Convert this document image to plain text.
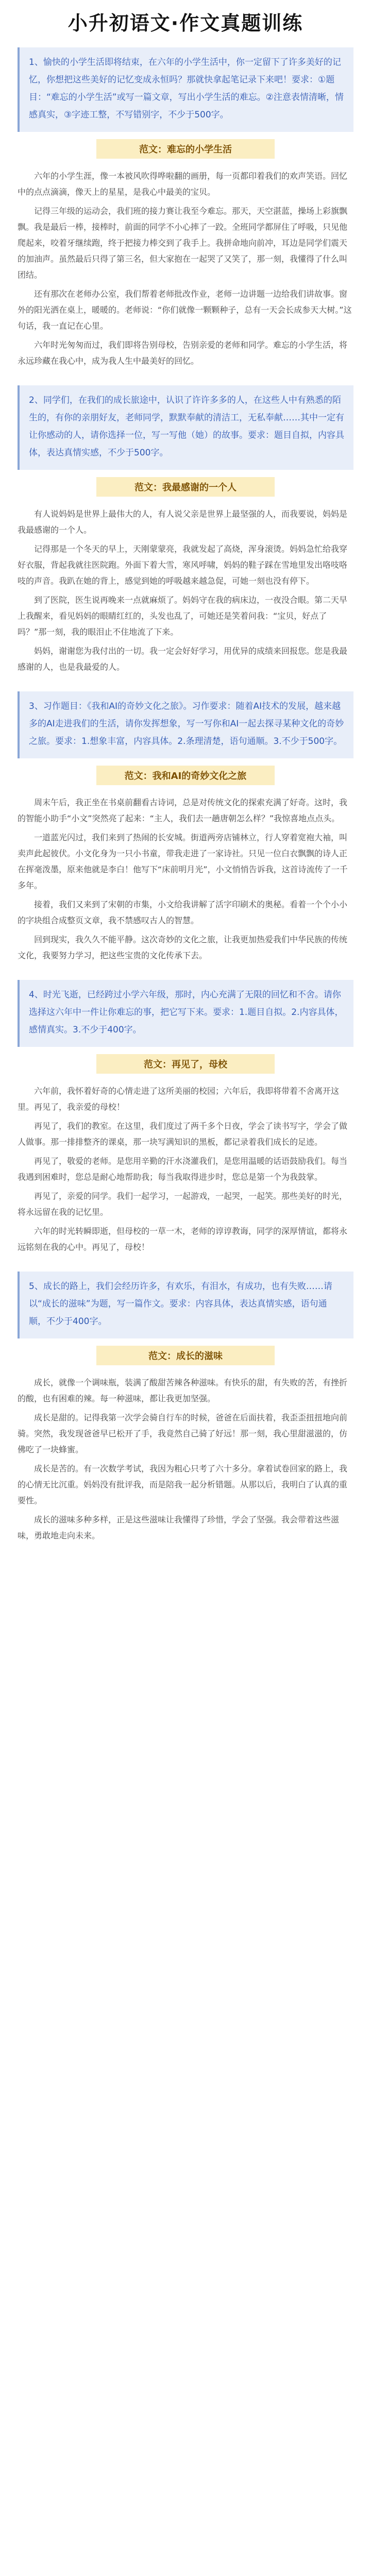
小升初语文·作文真题训练

1、愉快的小学生活即将结束，在六年的小学生活中，你一定留下了许多美好的记忆，你想把这些美好的记忆变成永恒吗？那就快拿起笔记录下来吧！要求：①题目：“难忘的小学生活”或写一篇文章，写出小学生活的难忘。②注意表情清晰，情感真实，③字迹工整，不写错别字，不少于500字。

范文：难忘的小学生活

六年的小学生涯，像一本被风吹得哗啦翻的画册，每一页都印着我们的欢声笑语。回忆中的点点滴滴，像天上的星星，是我心中最美的宝贝。

记得三年级的运动会，我们班的接力赛让我至今难忘。那天，天空湛蓝，操场上彩旗飘飘。我是最后一棒，接棒时，前面的同学不小心摔了一跤。全班同学都屏住了呼吸，只见他爬起来，咬着牙继续跑，终于把接力棒交到了我手上。我拼命地向前冲，耳边是同学们震天的加油声。虽然最后只得了第三名，但大家抱在一起哭了又笑了，那一刻，我懂得了什么叫团结。

还有那次在老师办公室，我们帮着老师批改作业，老师一边讲题一边给我们讲故事。窗外的阳光洒在桌上，暖暖的。老师说：“你们就像一颗颗种子，总有一天会长成参天大树。”这句话，我一直记在心里。

六年时光匆匆而过，我们即将告别母校，告别亲爱的老师和同学。难忘的小学生活，将永远珍藏在我心中，成为我人生中最美好的回忆。

2、同学们，在我们的成长旅途中，认识了许许多多的人，在这些人中有熟悉的陌生的，有你的亲朋好友，老师同学，默默奉献的清洁工，无私奉献……其中一定有让你感动的人，请你选择一位，写一写他（她）的故事。要求：题目自拟，内容具体，表达真情实感，不少于500字。

范文：我最感谢的一个人

有人说妈妈是世界上最伟大的人，有人说父亲是世界上最坚强的人，而我要说，妈妈是我最感谢的一个人。

记得那是一个冬天的早上，天刚蒙蒙亮，我就发起了高烧，浑身滚烫。妈妈急忙给我穿好衣服，背起我就往医院跑。外面下着大雪，寒风呼啸，妈妈的鞋子踩在雪地里发出咯吱咯吱的声音。我趴在她的背上，感觉到她的呼吸越来越急促，可她一刻也没有停下。

到了医院，医生说再晚来一点就麻烦了。妈妈守在我的病床边，一夜没合眼。第二天早上我醒来，看见妈妈的眼睛红红的，头发也乱了，可她还是笑着问我：“宝贝，好点了吗？”那一刻，我的眼泪止不住地流了下来。

妈妈，谢谢您为我付出的一切。我一定会好好学习，用优异的成绩来回报您。您是我最感谢的人，也是我最爱的人。

3、习作题目：《我和AI的奇妙文化之旅》。习作要求：随着AI技术的发展，越来越多的AI走进我们的生活，请你发挥想象，写一写你和AI一起去探寻某种文化的奇妙之旅。要求：1.想象丰富，内容具体。2.条理清楚，语句通顺。3.不少于500字。

范文：我和AI的奇妙文化之旅

周末午后，我正坐在书桌前翻看古诗词，总是对传统文化的探索充满了好奇。这时，我的智能小助手“小文”突然亮了起来：“主人，我们去一趟唐朝怎么样？”我惊喜地点点头。

一道蓝光闪过，我们来到了热闹的长安城。街道两旁店铺林立，行人穿着宽袍大袖，叫卖声此起彼伏。小文化身为一只小书童，带我走进了一家诗社。只见一位白衣飘飘的诗人正在挥毫泼墨，原来他就是李白！他写下“床前明月光”，小文悄悄告诉我，这首诗流传了一千多年。

接着，我们又来到了宋朝的市集，小文给我讲解了活字印刷术的奥秘。看着一个个小小的字块组合成整页文章，我不禁感叹古人的智慧。

回到现实，我久久不能平静。这次奇妙的文化之旅，让我更加热爱我们中华民族的传统文化，我要努力学习，把这些宝贵的文化传承下去。

4、时光飞逝，已经跨过小学六年级，那时，内心充满了无限的回忆和不舍。请你选择这六年中一件让你难忘的事，把它写下来。要求：1.题目自拟。2.内容具体，感情真实。3.不少于400字。

范文：再见了，母校

六年前，我怀着好奇的心情走进了这所美丽的校园；六年后，我即将带着不舍离开这里。再见了，我亲爱的母校！

再见了，我们的教室。在这里，我们度过了两千多个日夜，学会了读书写字，学会了做人做事。那一排排整齐的课桌，那一块写满知识的黑板，都记录着我们成长的足迹。

再见了，敬爱的老师。是您用辛勤的汗水浇灌我们，是您用温暖的话语鼓励我们。每当我遇到困难时，您总是耐心地帮助我；每当我取得进步时，您总是第一个为我鼓掌。

再见了，亲爱的同学。我们一起学习，一起游戏，一起哭，一起笑。那些美好的时光，将永远留在我的记忆里。

六年的时光转瞬即逝，但母校的一草一木，老师的谆谆教诲，同学的深厚情谊，都将永远铭刻在我的心中。再见了，母校！

5、成长的路上，我们会经历许多，有欢乐，有泪水，有成功，也有失败……请以“成长的滋味”为题，写一篇作文。要求：内容具体，表达真情实感，语句通顺，不少于400字。

范文：成长的滋味

成长，就像一个调味瓶，装满了酸甜苦辣各种滋味。有快乐的甜，有失败的苦，有挫折的酸，也有困难的辣。每一种滋味，都让我更加坚强。

成长是甜的。记得我第一次学会骑自行车的时候，爸爸在后面扶着，我歪歪扭扭地向前骑。突然，我发现爸爸早已松开了手，我竟然自己骑了好远！那一刻，我心里甜滋滋的，仿佛吃了一块蜂蜜。

成长是苦的。有一次数学考试，我因为粗心只考了六十多分。拿着试卷回家的路上，我的心情无比沉重。妈妈没有批评我，而是陪我一起分析错题。从那以后，我明白了认真的重要性。

成长的滋味多种多样，正是这些滋味让我懂得了珍惜，学会了坚强。我会带着这些滋味，勇敢地走向未来。
